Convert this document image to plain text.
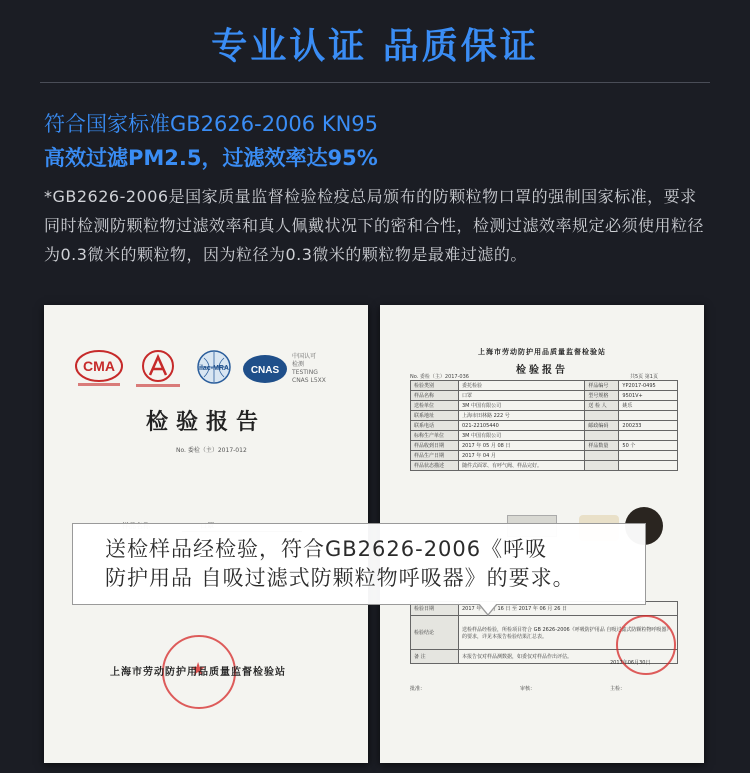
专业认证 品质保证
符合国家标准GB2626-2006 KN95
高效过滤PM2.5，过滤效率达95%
*GB2626-2006是国家质量监督检验检疫总局颁布的防颗粒物口罩的强制国家标准，要求同时检测防颗粒物过滤效率和真人佩戴状况下的密和合性，检测过滤效率规定必须使用粒径为0.3微米的颗粒物，因为粒径为0.3微米的颗粒物是最难过滤的。
CMA	ilac-MRA CNAS
中国认可
检测
TESTING
CNAS L5XX
检验报告
No. 委检（主）2017-012

★
上海市劳动防护用品质量监督检验站
上海市劳动防护用品质量监督检验站
检验报告
No. 委检（主）2017-036	共5页 第1页
检验类别	委托检验	样品编号	YP2017-0495
样品名称	口罩	型号规格	9501V+
送检单位	3M 中国有限公司	送 检 人	姚乐
联系地址	上海市田林路 222 号		
联系电话	021-22105440	邮政编码	200233
标称生产单位	3M 中国有限公司		
样品收到日期	2017 年 05 月 08 日	样品数量	50 个
样品生产日期	2017 年 04 月		
样品状态描述	随件式面罩、有呼气阀、样品完好。		
检验日期	2017 年 05 月 16 日 至 2017 年 06 月 26 日
检验结论	送检样品经检验，所检项目符合 GB 2626-2006《呼吸防护用品 自吸过滤式防颗粒物呼吸器》的要求，详见本报告检验结果汇总表。
备 注	本报告仅对样品测数据，如委仅对样品作出评估。
批准：	审核：	主检：
2017年06月30日

送检样品经检验，符合GB2626-2006《呼吸

防护用品 自吸过滤式防颗粒物呼吸器》的要求。
